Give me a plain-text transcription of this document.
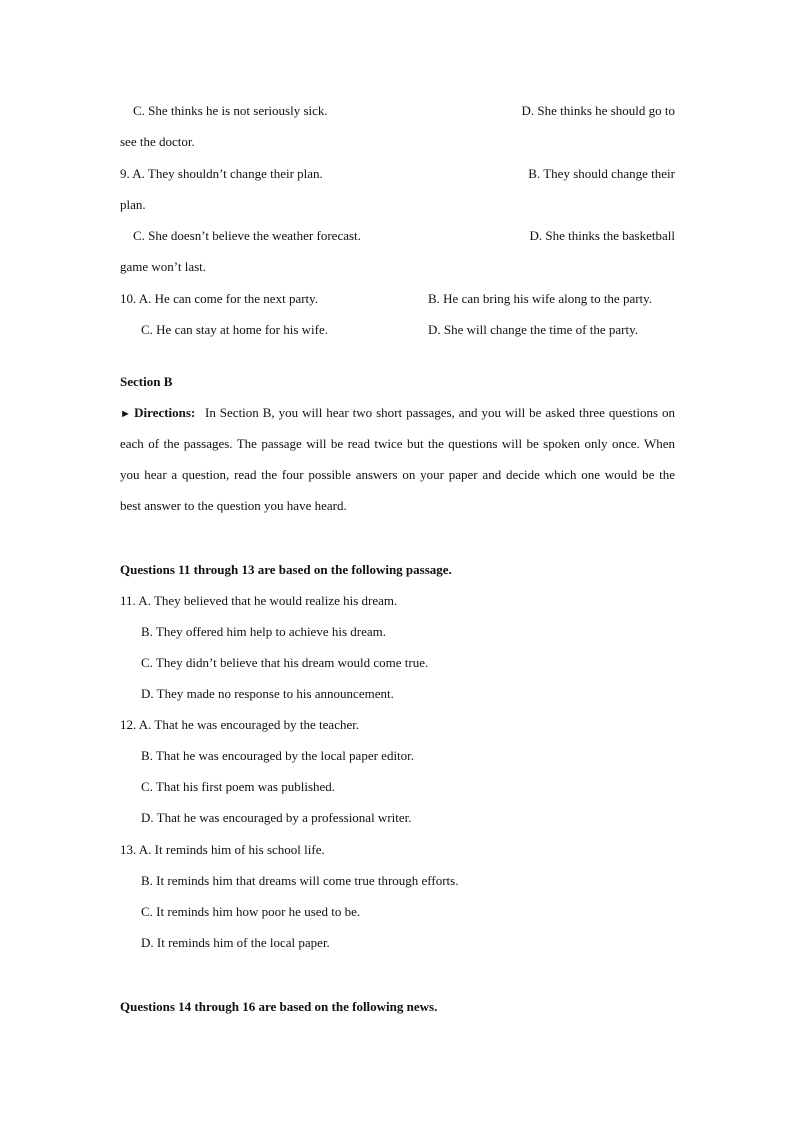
C. She thinks he is not seriously sick.	D. She thinks he should go to
see the doctor.
9. A. They shouldn’t change their plan.	B. They should change their
plan.
C. She doesn’t believe the weather forecast.	D. She thinks the basketball
game won’t last.
10. A. He can come for the next party.	B. He can bring his wife along to the party.
C. He can stay at home for his wife.	D. She will change the time of the party.
Section B
► Directions: In Section B, you will hear two short passages, and you will be asked three questions on
each of the passages. The passage will be read twice but the questions will be spoken only once. When
you hear a question, read the four possible answers on your paper and decide which one would be the
best answer to the question you have heard.
Questions 11 through 13 are based on the following passage.
11. A. They believed that he would realize his dream.
B. They offered him help to achieve his dream.
C. They didn’t believe that his dream would come true.
D. They made no response to his announcement.
12. A. That he was encouraged by the teacher.
B. That he was encouraged by the local paper editor.
C. That his first poem was published.
D. That he was encouraged by a professional writer.
13. A. It reminds him of his school life.
B. It reminds him that dreams will come true through efforts.
C. It reminds him how poor he used to be.
D. It reminds him of the local paper.
Questions 14 through 16 are based on the following news.
